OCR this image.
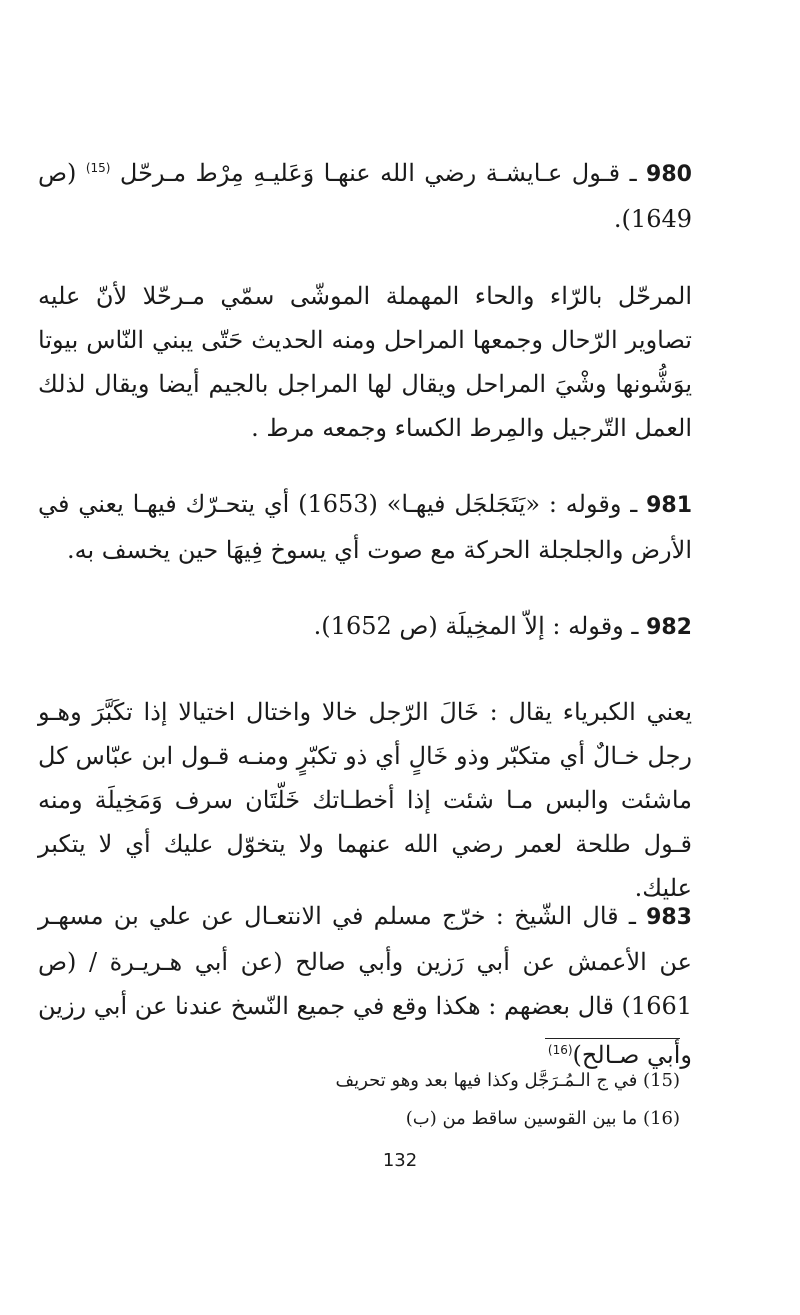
980 ـ قـول عـايشـة رضي الله عنهـا وَعَليـهِ مِرْط مـرحّل $^{(15)}$ (ص 1649).

المرحّل بالرّاء والحاء المهملة الموشّى سمّي مـرحّلا لأنّ عليه تصاوير الرّحال وجمعها المراحل ومنه الحديث حَتّى يبني النّاس بيوتا يوَشُّونها وشْيَ المراحل ويقال لها المراجل بالجيم أيضا ويقال لذلك العمل التّرجيل والمِرط الكساء وجمعه مرط .

981 ـ وقوله : «يَتَجَلجَل فيهـا» (1653) أي يتحـرّك فيهـا يعني في الأرض والجلجلة الحركة مع صوت أي يسوخ فِيهَا حين يخسف به.

982 ـ وقوله : إلاّ المخِيلَة (ص 1652).

يعني الكبرياء يقال : خَالَ الرّجل خالا واختال اختيالا إذا تكَبَّرَ وهـو رجل خـالٌ أي متكبّر وذو خَالٍ أي ذو تكبّرٍ ومنـه قـول ابن عبّاس كل ماشئت والبس مـا شئت إذا أخطـاتك خَلّتَان سرف وَمَخِيلَة ومنه قـول طلحة لعمر رضي الله عنهما ولا يتخوّل عليك أي لا يتكبر عليك.

983 ـ قال الشّيخ : خرّج مسلم في الانتعـال عن علي بن مسهـر عن الأعمش عن أبي رَزين وأبي صالح (عن أبي هـريـرة / (ص 1661) قال بعضهم : هكذا وقع في جميع النّسخ عندنا عن أبي رزين وأبي صـالح)$^{(16)}$

(15) في ج الـمُـرَجَّل وكذا فيها بعد وهو تحريف

(16) ما بين القوسين ساقط من (ب)

132
